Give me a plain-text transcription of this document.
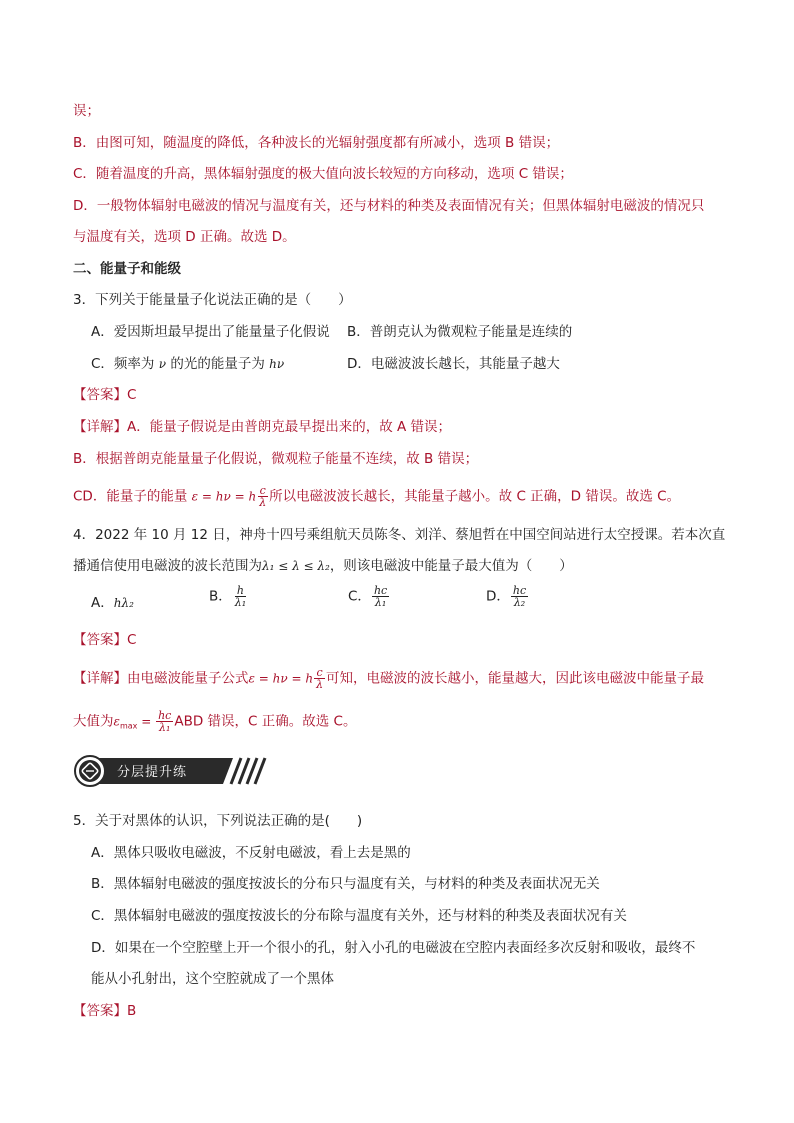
误；
B．由图可知，随温度的降低，各种波长的光辐射强度都有所减小，选项 B 错误；
C．随着温度的升高，黑体辐射强度的极大值向波长较短的方向移动，选项 C 错误；
D．一般物体辐射电磁波的情况与温度有关，还与材料的种类及表面情况有关；但黑体辐射电磁波的情况只
与温度有关，选项 D 正确。故选 D。
二、能量子和能级
3．下列关于能量量子化说法正确的是（　　）
A．爱因斯坦最早提出了能量量子化假说 B．普朗克认为微观粒子能量是连续的
C．频率为 ν 的光的能量子为 hν	D．电磁波波长越长，其能量子越大
【答案】C
【详解】A．能量子假说是由普朗克最早提出来的，故 A 错误；
B．根据普朗克能量量子化假说，微观粒子能量不连续，故 B 错误；
CD．能量子的能量 ε = hν = h $\frac{c}{\lambda}$ 所以电磁波波长越长，其能量子越小。故 C 正确，D 错误。故选 C。
4．2022 年 10 月 12 日，神舟十四号乘组航天员陈冬、刘洋、蔡旭哲在中国空间站进行太空授课。若本次直
播通信使用电磁波的波长范围为λ₁ ≤ λ ≤ λ₂，则该电磁波中能量子最大值为（　　）
A．hλ₂	B． $\frac{h}{\text{λ₁}}$	C． $\frac{hc}{\text{λ₁}}$	D． $\frac{hc}{\text{λ₂}}$
【答案】C
【详解】由电磁波能量子公式ε = hν = h $\frac{c}{\lambda}$ 可知，电磁波的波长越小，能量越大，因此该电磁波中能量子最
大值为$\varepsilon_{max} = \frac{hc}{\text{λ₁}}$ ABD 错误，C 正确。故选 C。
分层提升练
5．关于对黑体的认识，下列说法正确的是(　　)
A．黑体只吸收电磁波，不反射电磁波，看上去是黑的
B．黑体辐射电磁波的强度按波长的分布只与温度有关，与材料的种类及表面状况无关
C．黑体辐射电磁波的强度按波长的分布除与温度有关外，还与材料的种类及表面状况有关
D．如果在一个空腔壁上开一个很小的孔，射入小孔的电磁波在空腔内表面经多次反射和吸收，最终不
能从小孔射出，这个空腔就成了一个黑体
【答案】B
